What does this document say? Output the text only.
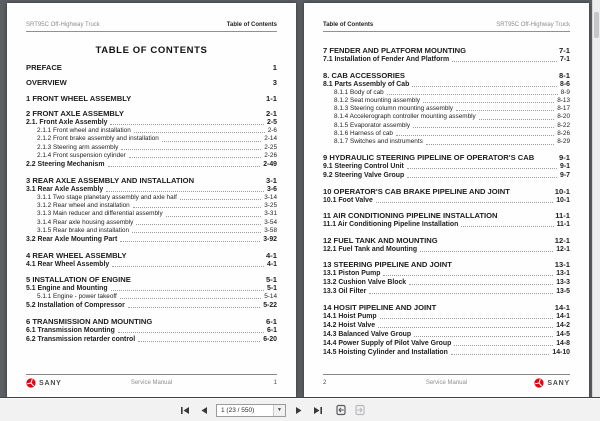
SRT95C Off-Highway Truck	Table of Contents
TABLE OF CONTENTS
PREFACE	1
OVERVIEW	3
1 FRONT WHEEL ASSEMBLY	1-1
2 FRONT AXLE ASSEMBLY	2-1
2.1. Front Axle Assembly	2-5
2.1.1 Front wheel and installation	2-6
2.1.2 Front brake assembly and installation	2-14
2.1.3 Steering arm assembly	2-25
2.1.4 Front suspension cylinder	2-26
2.2 Steering Mechanism	2-49
3 REAR AXLE ASSEMBLY AND INSTALLATION	3-1
3.1 Rear Axle Assembly	3-6
3.1.1 Two stage planetary assembly and axle half	3-14
3.1.2 Rear wheel and installation	3-25
3.1.3 Main reducer and differential assembly	3-31
3.1.4 Rear axle housing assembly	3-54
3.1.5 Rear brake and installation	3-58
3.2 Rear Axle Mounting Part	3-92
4 REAR WHEEL ASSEMBLY	4-1
4.1 Rear Wheel Assembly	4-1
5 INSTALLATION OF ENGINE	5-1
5.1 Engine and Mounting	5-1
5.1.1 Engine - power takeoff	5-14
5.2 Installation of Compressor	5-22
6 TRANSMISSION AND MOUNTING	6-1
6.1 Transmission Mounting	6-1
6.2 Transmission retarder control	6-20
Service Manual
SANY	1
Table of Contents	SRT95C Off-Highway Truck
7 FENDER AND PLATFORM MOUNTING	7-1
7.1 Installation of Fender And Platform	7-1
8. CAB ACCESSORIES	8-1
8.1 Parts Assembly of Cab	8-6
8.1.1 Body of cab	8-9
8.1.2 Seat mounting assembly	8-13
8.1.3 Steering column mounting assembly	8-17
8.1.4 Accelerograph controller mounting assembly	8-20
8.1.5 Evaporator assembly	8-22
8.1.6 Harness of cab	8-26
8.1.7 Switches and instruments	8-29
9 HYDRAULIC STEERING PIPELINE OF OPERATOR'S CAB	9-1
9.1 Steering Control Unit	9-1
9.2 Steering Valve Group	9-7
10 OPERATOR'S CAB BRAKE PIPELINE AND JOINT	10-1
10.1 Foot Valve	10-1
11 AIR CONDITIONING PIPELINE INSTALLATION	11-1
11.1 Air Conditioning Pipeline Installation	11-1
12 FUEL TANK AND MOUNTING	12-1
12.1 Fuel Tank and Mounting	12-1
13 STEERING PIPELINE AND JOINT	13-1
13.1 Piston Pump	13-1
13.2 Cushion Valve Block	13-3
13.3 Oil Filter	13-5
14 HOSIT PIPELINE AND JOINT	14-1
14.1 Hoist Pump	14-1
14.2 Hoist Valve	14-2
14.3 Balanced Valve Group	14-5
14.4 Power Supply of Pilot Valve Group	14-8
14.5 Hoisting Cylinder and Installation	14-10
Service Manual
2	SANY
1 (23 / 550)	▼
